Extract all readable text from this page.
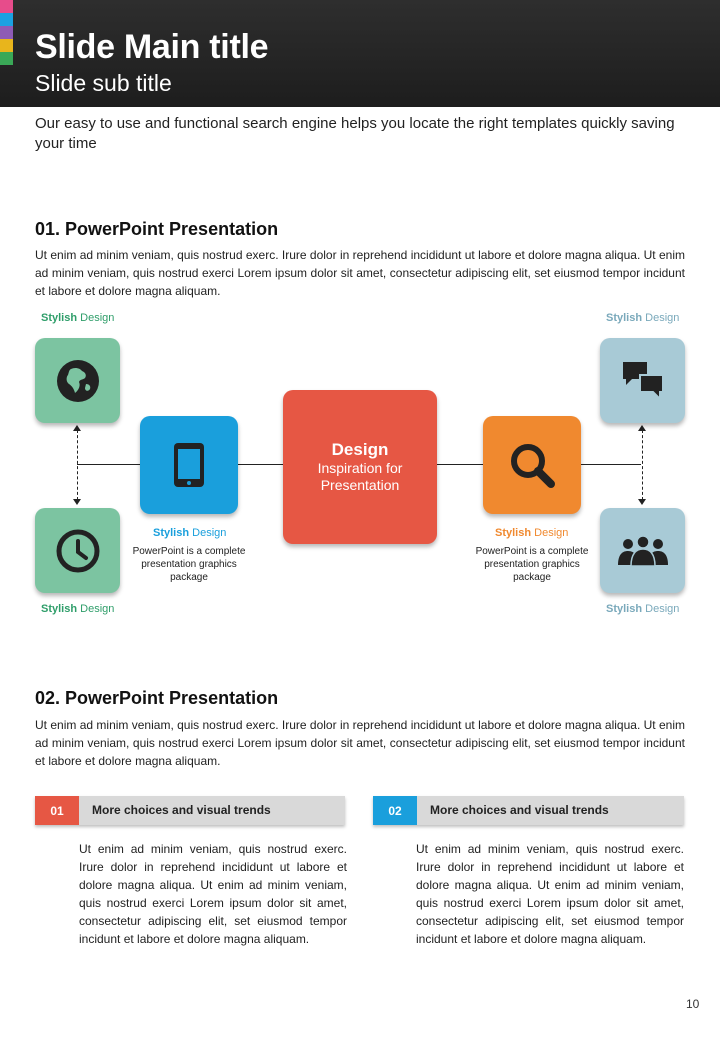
Slide Main title
Slide sub title
Our easy to use and functional search engine helps you locate the right templates quickly saving your time
01. PowerPoint Presentation
Ut enim ad minim veniam, quis nostrud exerc. Irure dolor in reprehend incididunt ut labore et dolore magna aliqua. Ut enim ad minim veniam, quis nostrud exerci Lorem ipsum dolor sit amet, consectetur adipiscing elit, set eiusmod tempor incidunt et labore et dolore magna aliquam.
Stylish Design	Stylish Design
Stylish Design	Stylish Design
Design
Inspiration for
Presentation
Stylish Design
PowerPoint is a complete presentation graphics package
Stylish Design
PowerPoint is a complete presentation graphics package
02. PowerPoint Presentation
Ut enim ad minim veniam, quis nostrud exerc. Irure dolor in reprehend incididunt ut labore et dolore magna aliqua. Ut enim ad minim veniam, quis nostrud exerci Lorem ipsum dolor sit amet, consectetur adipiscing elit, set eiusmod tempor incidunt et labore et dolore magna aliquam.
01	More choices and visual trends
Ut enim ad minim veniam, quis nostrud exerc. Irure dolor in reprehend incididunt ut labore et dolore magna aliqua. Ut enim ad minim veniam, quis nostrud exerci Lorem ipsum dolor sit amet, consectetur adipiscing elit, set eiusmod tempor incidunt et labore et dolore magna aliquam.
02	More choices and visual trends
Ut enim ad minim veniam, quis nostrud exerc. Irure dolor in reprehend incididunt ut labore et dolore magna aliqua. Ut enim ad minim veniam, quis nostrud exerci Lorem ipsum dolor sit amet, consectetur adipiscing elit, set eiusmod tempor incidunt et labore et dolore magna aliquam.
10
